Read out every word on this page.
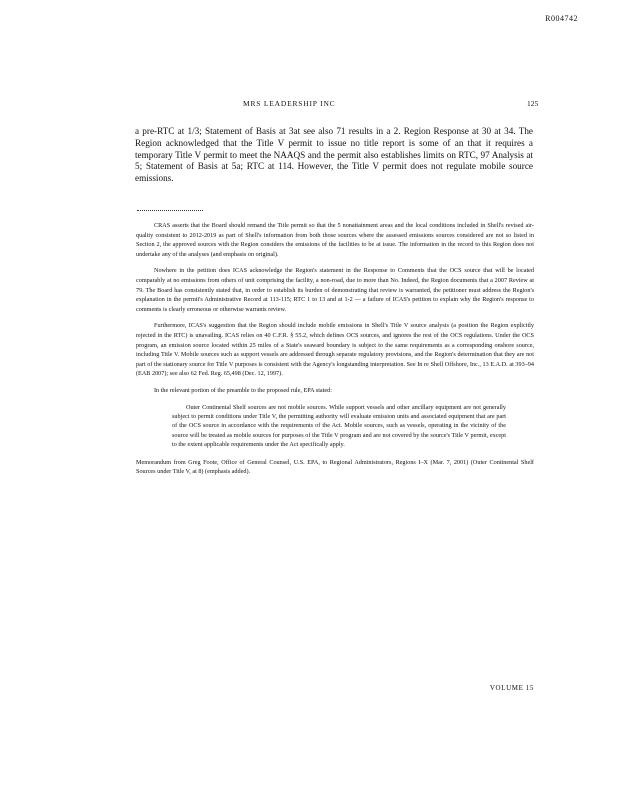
R004742
MRS LEADERSHIP INC	125

a pre-RTC at 1/3; Statement of Basis at 3at see also 71 results in a 2. Region Response at 30 at 34. The Region acknowledged that the Title V permit to issue no title report is some of an that it requires a temporary Title V permit to meet the NAAQS and the permit also establishes limits on RTC, 97 Analysis at 5; Statement of Basis at 5a; RTC at 114. However, the Title V permit does not regulate mobile source emissions.

CRAS asserts that the Board should remand the Title permit so that the 5 nonattainment areas and the local conditions included in Shell's revised air-quality consistent to 2012-2019 as part of Shell's information from both those sources where the assessed emissions sources considered are not so listed in Section 2, the approved sources with the Region considers the emissions of the facilities to be at issue. The information in the record to this Region does not undertake any of the analyses (and emphasis on original).

Nowhere in the petition does ICAS acknowledge the Region's statement in the Response to Comments that the OCS source that will be located comparably at no emissions from others of unit comprising the facility, a non-road, due to more than No. Indeed, the Region documents that a 2007 Review at 79. The Board has consistently stated that, in order to establish its burden of demonstrating that review is warranted, the petitioner must address the Region's explanation in the permit's Administrative Record at 113-115; RTC 1 to 13 and at 1-2 — a failure of ICAS's petition to explain why the Region's response to comments is clearly erroneous or otherwise warrants review.

Furthermore, ICAS's suggestion that the Region should include mobile emissions in Shell's Title V source analysis (a position the Region explicitly rejected in the RTC) is unavailing. ICAS relies on 40 C.F.R. § 55.2, which defines OCS sources, and ignores the rest of the OCS regulations. Under the OCS program, an emission source located within 25 miles of a State's seaward boundary is subject to the same requirements as a corresponding onshore source, including Title V. Mobile sources such as support vessels are addressed through separate regulatory provisions, and the Region's determination that they are not part of the stationary source for Title V purposes is consistent with the Agency's longstanding interpretation. See In re Shell Offshore, Inc., 13 E.A.D. at 393–94 (EAB 2007); see also 62 Fed. Reg. 65,498 (Dec. 12, 1997).

In the relevant portion of the preamble to the proposed rule, EPA stated:

Outer Continental Shelf sources are not mobile sources. While support vessels and other ancillary equipment are not generally subject to permit conditions under Title V, the permitting authority will evaluate emission units and associated equipment that are part of the OCS source in accordance with the requirements of the Act. Mobile sources, such as vessels, operating in the vicinity of the source will be treated as mobile sources for purposes of the Title V program and are not covered by the source's Title V permit, except to the extent applicable requirements under the Act specifically apply.

Memorandum from Greg Foote, Office of General Counsel, U.S. EPA, to Regional Administrators, Regions I–X (Mar. 7, 2001) (Outer Continental Shelf Sources under Title V, at 8) (emphasis added).

VOLUME 15
